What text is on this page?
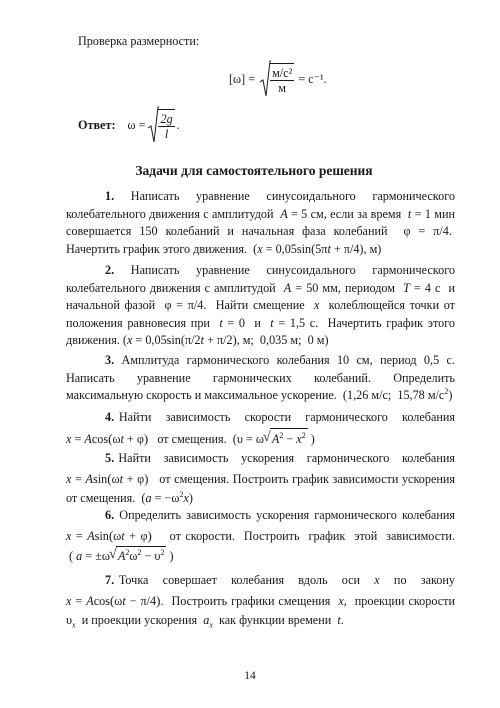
Проверка размерности:
$[\omega] = \frac{\text{м/с²}}{м} = с^{-1}$.
Ответ: $\omega = \frac{2g}{l}$ .
Задачи для самостоятельного решения

1. Написать уравнение синусоидального гармонического колебательного движения с амплитудой  A = 5 см, если за время  t = 1 мин совершается 150 колебаний и начальная фаза колебаний  φ = π/4.  Начертить график этого движения.  (x = 0,05sin(5πt + π/4), м)

2. Написать уравнение синусоидального гармонического колебательного движения с амплитудой  A = 50 мм, периодом  T = 4 с  и начальной фазой  φ = π/4.  Найти смещение  x  колеблющейся точки от положения равновесия при  t = 0  и  t = 1,5 с.  Начертить график этого движения. (x = 0,05sin(π/2t + π/2), м;  0,035 м;  0 м)

3. Амплитуда гармонического колебания 10 см, период 0,5 с. Написать уравнение гармонических колебаний. Определить максимальную скорость и максимальное ускорение.  (1,26 м/с;  15,78 $м/с^2$)

4. Найти   зависимость   скорости   гармонического   колебания

x = Acos(ωt + φ)   от смещения.  (υ = ω √ $A^2 - x^2$ )

5. Найти   зависимость   ускорения   гармонического   колебания

x = Asin(ωt + φ)   от смещения. Построить график зависимости ускорения от смещения.  $(a = -\omega^2x)$

6. Определить зависимость ускорения гармонического колебания

x = Asin(ωt + φ)    от скорости.  Построить  график  этой  зависимости.

( a = ±ω √ $A^2\omega^2 - \upsilon^2$ )

7. Точка   совершает   колебания   вдоль   оси   x   по   закону

x = Acos(ωt − π/4).  Построить графики смещения  x,  проекции скорости

$\upsilon_x$  и проекции ускорения  $a_x$  как функции времени  t.

14
